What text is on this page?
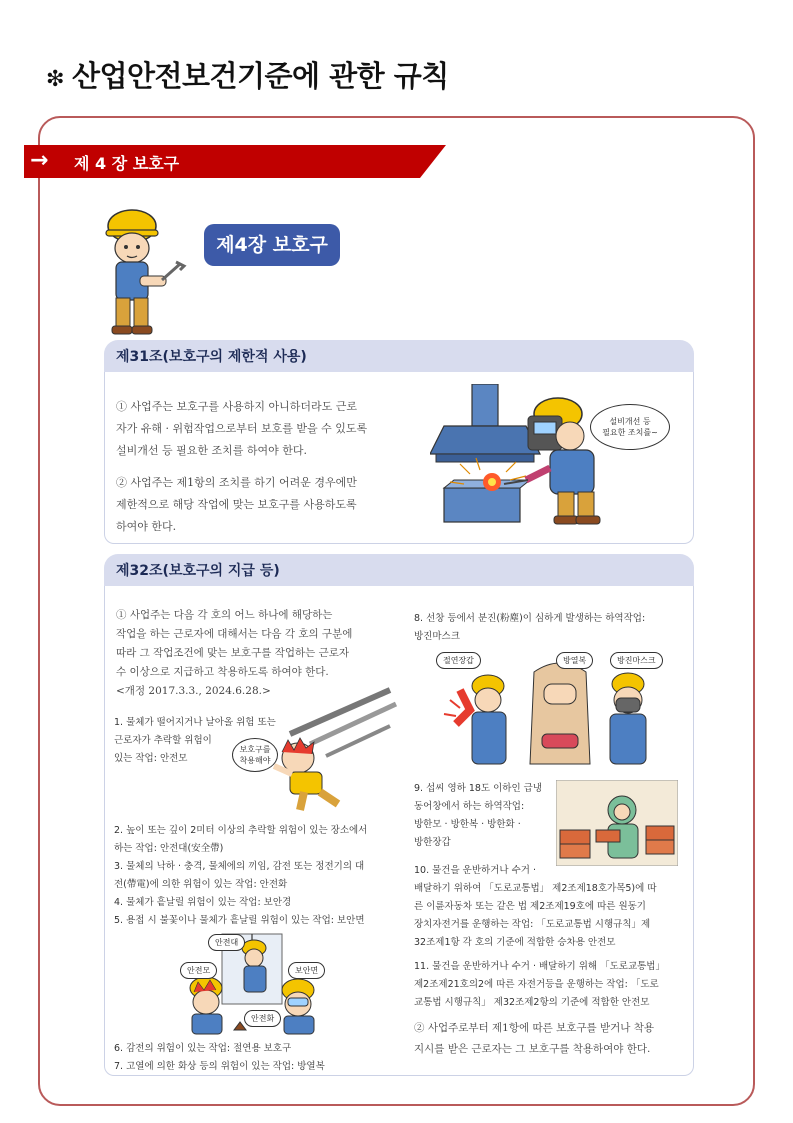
❇ 산업안전보건기준에 관한 규칙
→ 제 4 장 보호구
제4장 보호구
제31조(보호구의 제한적 사용)
① 사업주는 보호구를 사용하지 아니하더라도 근로
자가 유해 · 위험작업으로부터 보호를 받을 수 있도록
설비개선 등 필요한 조치를 하여야 한다.
② 사업주는 제1항의 조치를 하기 어려운 경우에만
제한적으로 해당 작업에 맞는 보호구를 사용하도록
하여야 한다.
설비개선 등
필요한 조치를~
제32조(보호구의 지급 등)
① 사업주는 다음 각 호의 어느 하나에 해당하는
작업을 하는 근로자에 대해서는 다음 각 호의 구분에
따라 그 작업조건에 맞는 보호구를 작업하는 근로자
수 이상으로 지급하고 착용하도록 하여야 한다.
<개정 2017.3.3., 2024.6.28.>
보호구를
착용해야
1. 물체가 떨어지거나 날아올 위험 또는
근로자가 추락할 위험이
있는 작업: 안전모
2. 높이 또는 깊이 2미터 이상의 추락할 위험이 있는 장소에서
하는 작업: 안전대(安全帶)
3. 물체의 낙하 · 충격, 물체에의 끼임, 감전 또는 정전기의 대
전(帶電)에 의한 위험이 있는 작업: 안전화
4. 물체가 흩날릴 위험이 있는 작업: 보안경
5. 용접 시 불꽃이나 물체가 흩날릴 위험이 있는 작업: 보안면
안전대
안전모	보안면
안전화
6. 감전의 위험이 있는 작업: 절연용 보호구
7. 고열에 의한 화상 등의 위험이 있는 작업: 방열복
8. 선창 등에서 분진(粉塵)이 심하게 발생하는 하역작업:
방진마스크
절연장갑	방열복	방진마스크
9. 섭씨 영하 18도 이하인 급냉
동어창에서 하는 하역작업:
방한모 · 방한복 · 방한화 ·
방한장갑
10. 물건을 운반하거나 수거 ·
배달하기 위하여 「도로교통법」 제2조제18호가목5)에 따
른 이륜자동차 또는 같은 법 제2조제19호에 따른 원동기
장치자전거를 운행하는 작업: 「도로교통법 시행규칙」제
32조제1항 각 호의 기준에 적합한 승차용 안전모
11. 물건을 운반하거나 수거 · 배달하기 위해 「도로교통법」
제2조제21호의2에 따른 자전거등을 운행하는 작업: 「도로
교통법 시행규칙」 제32조제2항의 기준에 적합한 안전모
② 사업주로부터 제1항에 따른 보호구를 받거나 착용
지시를 받은 근로자는 그 보호구를 착용하여야 한다.
